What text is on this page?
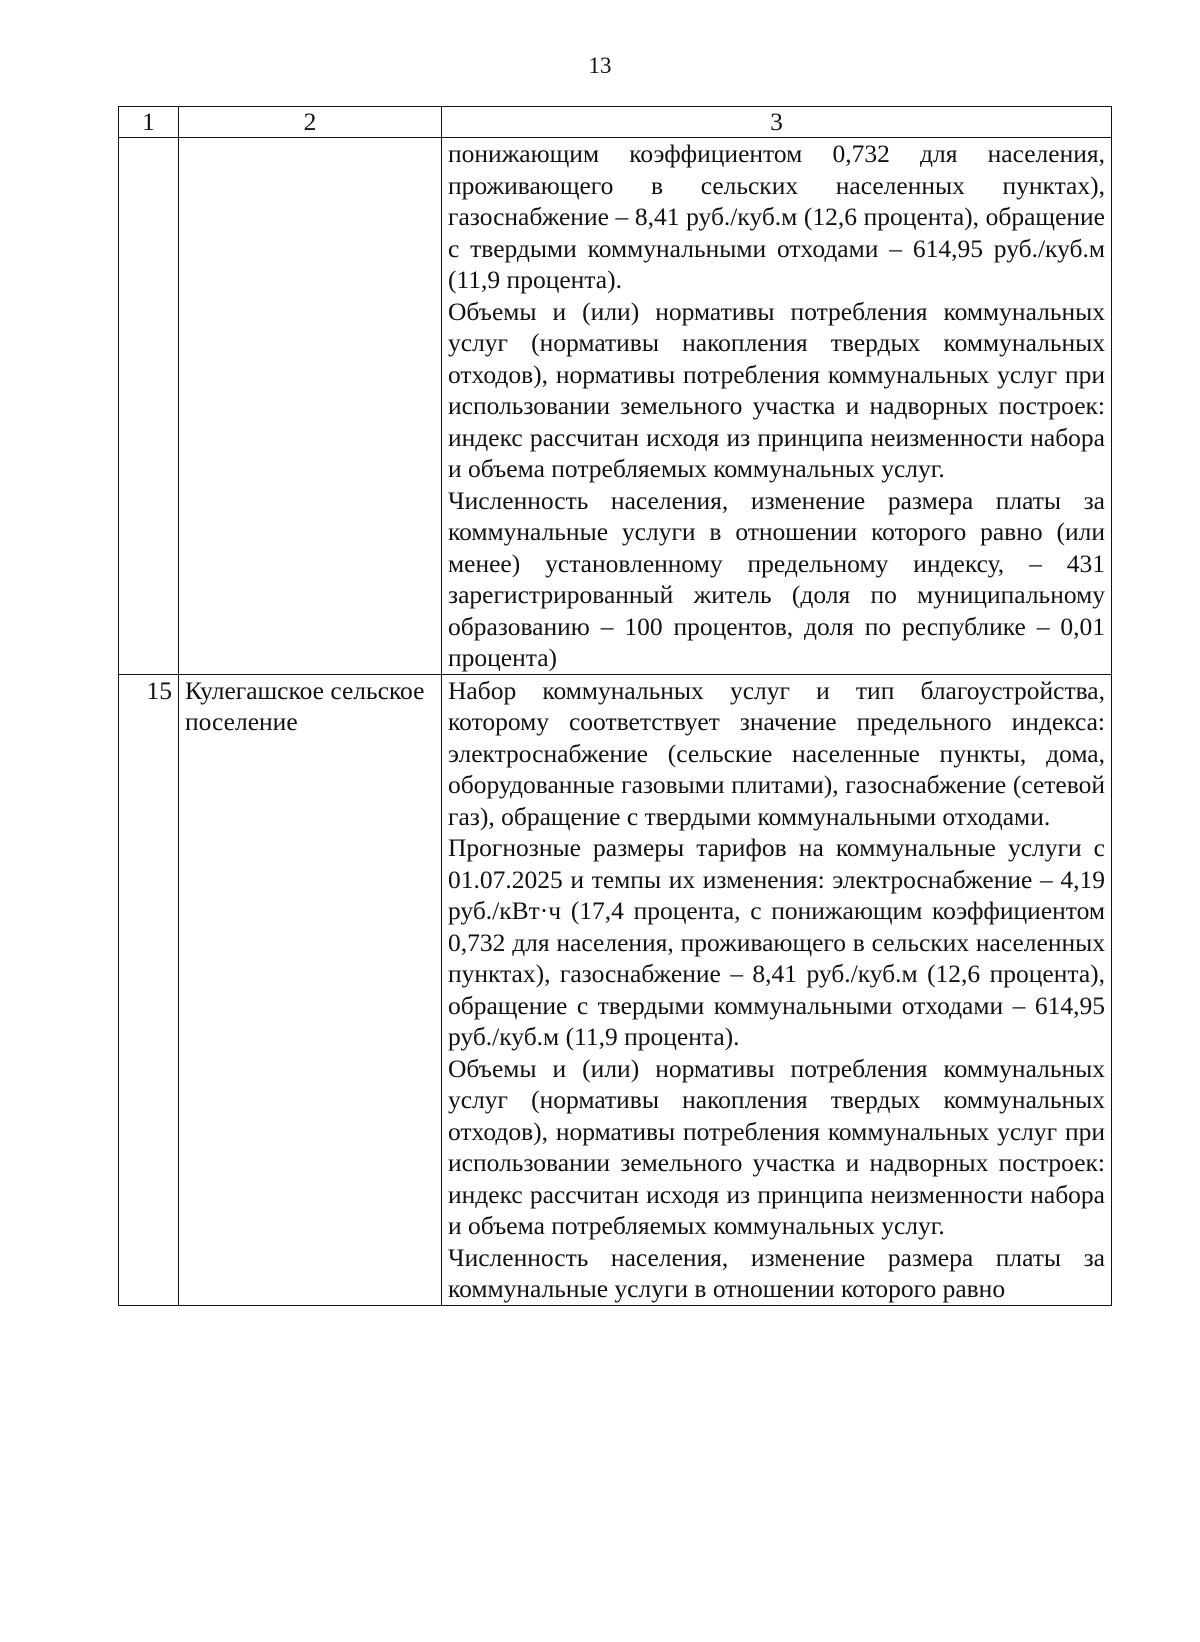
13
1	2	3

		понижающим коэффициентом 0,732 для населения, проживающего в сельских населенных пунктах), газоснабжение – 8,41 руб./куб.м (12,6 процента), обращение с твердыми коммунальными отходами – 614,95 руб./куб.м (11,9 процента).

Объемы и (или) нормативы потребления коммунальных услуг (нормативы накопления твердых коммунальных отходов), нормативы потребления коммунальных услуг при использовании земельного участка и надворных построек: индекс рассчитан исходя из принципа неизменности набора и объема потребляемых коммунальных услуг.

Численность населения, изменение размера платы за коммунальные услуги в отношении которого равно (или менее) установленному предельному индексу, – 431 зарегистрированный житель (доля по муниципальному образованию – 100 процентов, доля по республике – 0,01 процента)

15	Кулегашское сельское поселение	Набор коммунальных услуг и тип благоустройства, которому соответствует значение предельного индекса: электроснабжение (сельские населенные пункты, дома, оборудованные газовыми плитами), газоснабжение (сетевой газ), обращение с твердыми коммунальными отходами.

Прогнозные размеры тарифов на коммунальные услуги с 01.07.2025 и темпы их изменения: электроснабжение – 4,19 руб./кВт·ч (17,4 процента, с понижающим коэффициентом 0,732 для населения, проживающего в сельских населенных пунктах), газоснабжение – 8,41 руб./куб.м (12,6 процента), обращение с твердыми коммунальными отходами – 614,95 руб./куб.м (11,9 процента).

Объемы и (или) нормативы потребления коммунальных услуг (нормативы накопления твердых коммунальных отходов), нормативы потребления коммунальных услуг при использовании земельного участка и надворных построек: индекс рассчитан исходя из принципа неизменности набора и объема потребляемых коммунальных услуг.

Численность населения, изменение размера платы за коммунальные услуги в отношении которого равно
